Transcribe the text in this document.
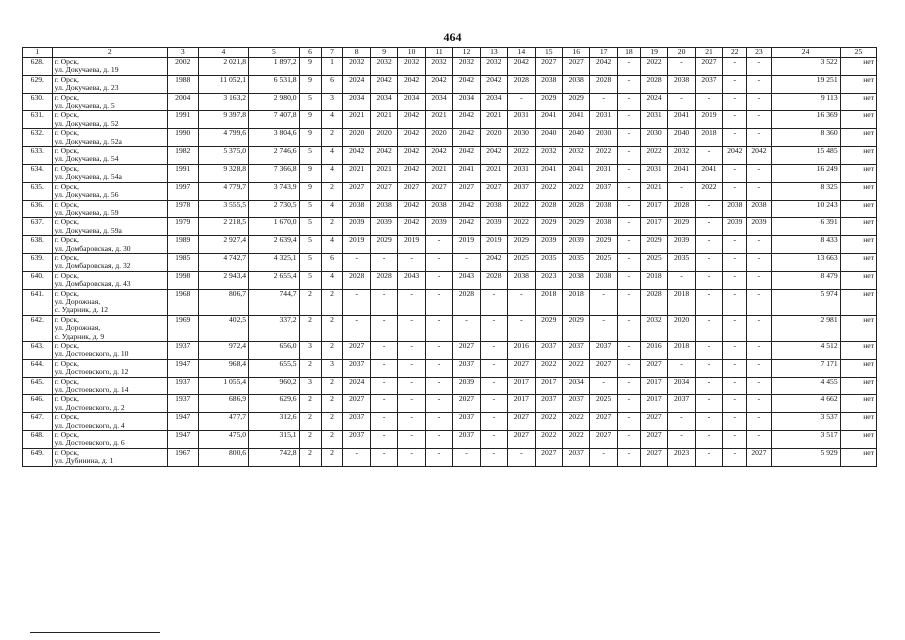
464
1	2	3	4	5	6	7	8	9	10	11	12	13	14	15	16	17	18	19	20	21	22	23	24	25
628.	г. Орск,
ул. Докучаева, д. 19	2002	2 021,8	1 897,2	9	1	2032	2032	2032	2032	2032	2032	2042	2027	2027	2042	-	2022	-	2027	-	-	3 522	нет
629.	г. Орск,
ул. Докучаева, д. 23	1988	11 052,1	6 531,8	9	6	2024	2042	2042	2042	2042	2042	2028	2038	2038	2028	-	2028	2038	2037	-	-	19 251	нет
630.	г. Орск,
ул. Докучаева, д. 5	2004	3 163,2	2 980,0	5	3	2034	2034	2034	2034	2034	2034	-	2029	2029	-	-	2024	-	-	-	-	9 113	нет
631.	г. Орск,
ул. Докучаева, д. 52	1991	9 397,8	7 407,8	9	4	2021	2021	2042	2021	2042	2021	2031	2041	2041	2031	-	2031	2041	2019	-	-	16 369	нет
632.	г. Орск,
ул. Докучаева, д. 52а	1990	4 799,6	3 804,6	9	2	2020	2020	2042	2020	2042	2020	2030	2040	2040	2030	-	2030	2040	2018	-	-	8 360	нет
633.	г. Орск,
ул. Докучаева, д. 54	1982	5 375,0	2 746,6	5	4	2042	2042	2042	2042	2042	2042	2022	2032	2032	2022	-	2022	2032	-	2042	2042	15 485	нет
634.	г. Орск,
ул. Докучаева, д. 54а	1991	9 328,8	7 366,8	9	4	2021	2021	2042	2021	2041	2021	2031	2041	2041	2031	-	2031	2041	2041	-	-	16 249	нет
635.	г. Орск,
ул. Докучаева, д. 56	1997	4 779,7	3 743,9	9	2	2027	2027	2027	2027	2027	2027	2037	2022	2022	2037	-	2021	-	2022	-	-	8 325	нет
636.	г. Орск,
ул. Докучаева, д. 59	1978	3 555,5	2 730,5	5	4	2038	2038	2042	2038	2042	2038	2022	2028	2028	2038	-	2017	2028	-	2038	2038	10 243	нет
637.	г. Орск,
ул. Докучаева, д. 59а	1979	2 218,5	1 670,0	5	2	2039	2039	2042	2039	2042	2039	2022	2029	2029	2038	-	2017	2029	-	2039	2039	6 391	нет
638.	г. Орск,
ул. Домбаровская, д. 30	1989	2 927,4	2 639,4	5	4	2019	2029	2019	-	2019	2019	2029	2039	2039	2029	-	2029	2039	-	-	-	8 433	нет
639.	г. Орск,
ул. Домбаровская, д. 32	1985	4 742,7	4 325,1	5	6	-	-	-	-	-	2042	2025	2035	2035	2025	-	2025	2035	-	-	-	13 663	нет
640.	г. Орск,
ул. Домбаровская, д. 43	1998	2 943,4	2 655,4	5	4	2028	2028	2043	-	2043	2028	2038	2023	2038	2038	-	2018	-	-	-	-	8 479	нет
641.	г. Орск,
ул. Дорожная,
с. Ударник, д. 12	1968	806,7	744,7	2	2	-	-	-	-	2028	-	-	2018	2018	-	-	2028	2018	-	-	-	5 974	нет
642.	г. Орск,
ул. Дорожная,
с. Ударник, д. 9	1969	402,5	337,2	2	2	-	-	-	-	-	-	-	2029	2029	-	-	2032	2020	-	-	-	2 981	нет
643.	г. Орск,
ул. Достоевского, д. 10	1937	972,4	656,0	3	2	2027	-	-	-	2027	-	2016	2037	2037	2037	-	2016	2018	-	-	-	4 512	нет
644.	г. Орск,
ул. Достоевского, д. 12	1947	968,4	655,5	2	3	2037	-	-	-	2037	-	2027	2022	2022	2027	-	2027	-	-	-	-	7 171	нет
645.	г. Орск,
ул. Достоевского, д. 14	1937	1 055,4	960,2	3	2	2024	-	-	-	2039	-	2017	2017	2034	-	-	2017	2034	-	-	-	4 455	нет
646.	г. Орск,
ул. Достоевского, д. 2	1937	686,9	629,6	2	2	2027	-	-	-	2027	-	2017	2037	2037	2025	-	2017	2037	-	-	-	4 662	нет
647.	г. Орск,
ул. Достоевского, д. 4	1947	477,7	312,6	2	2	2037	-	-	-	2037	-	2027	2022	2022	2027	-	2027	-	-	-	-	3 537	нет
648.	г. Орск,
ул. Достоевского, д. 6	1947	475,0	315,1	2	2	2037	-	-	-	2037	-	2027	2022	2022	2027	-	2027	-	-	-	-	3 517	нет
649.	г. Орск,
ул. Дубинина, д. 1	1967	800,6	742,8	2	2	-	-	-	-	-	-	-	2027	2037	-	-	2027	2023	-	-	2027	5 929	нет
